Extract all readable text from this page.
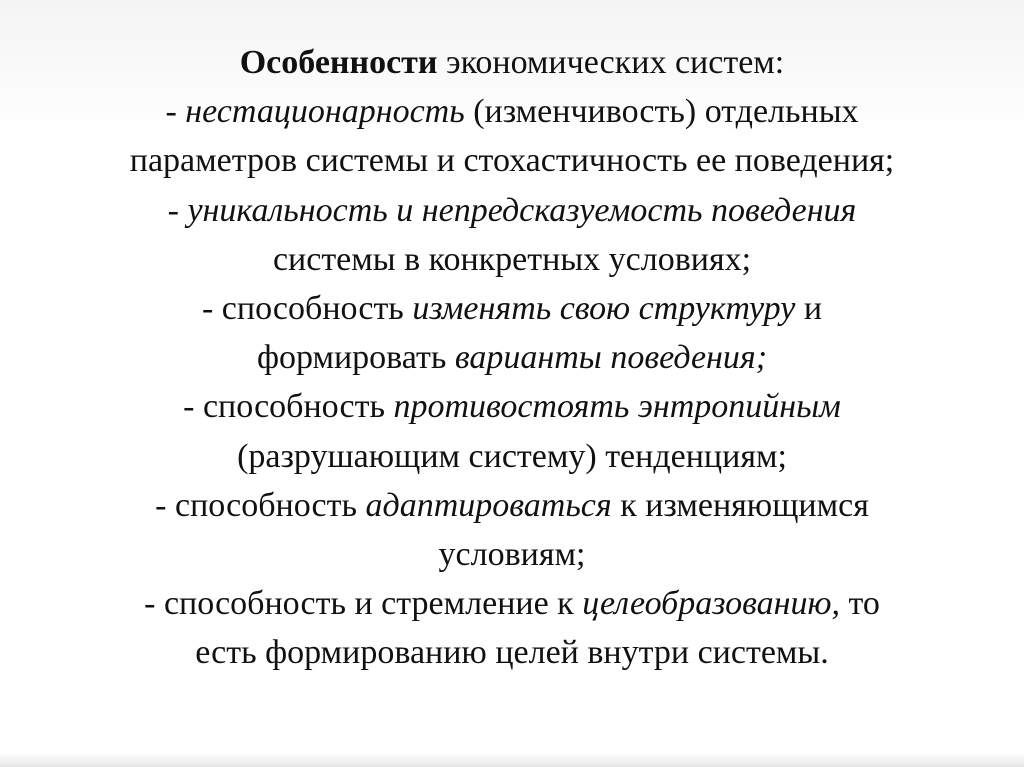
Особенности экономических систем:
- нестационарность (изменчивость) отдельных
параметров системы и стохастичность ее поведения;
- уникальность и непредсказуемость поведения
системы в конкретных условиях;
- способность изменять свою структуру и
формировать варианты поведения;
- способность противостоять энтропийным
(разрушающим систему) тенденциям;
- способность адаптироваться к изменяющимся
условиям;
- способность и стремление к целеобразованию, то
есть формированию целей внутри системы.
